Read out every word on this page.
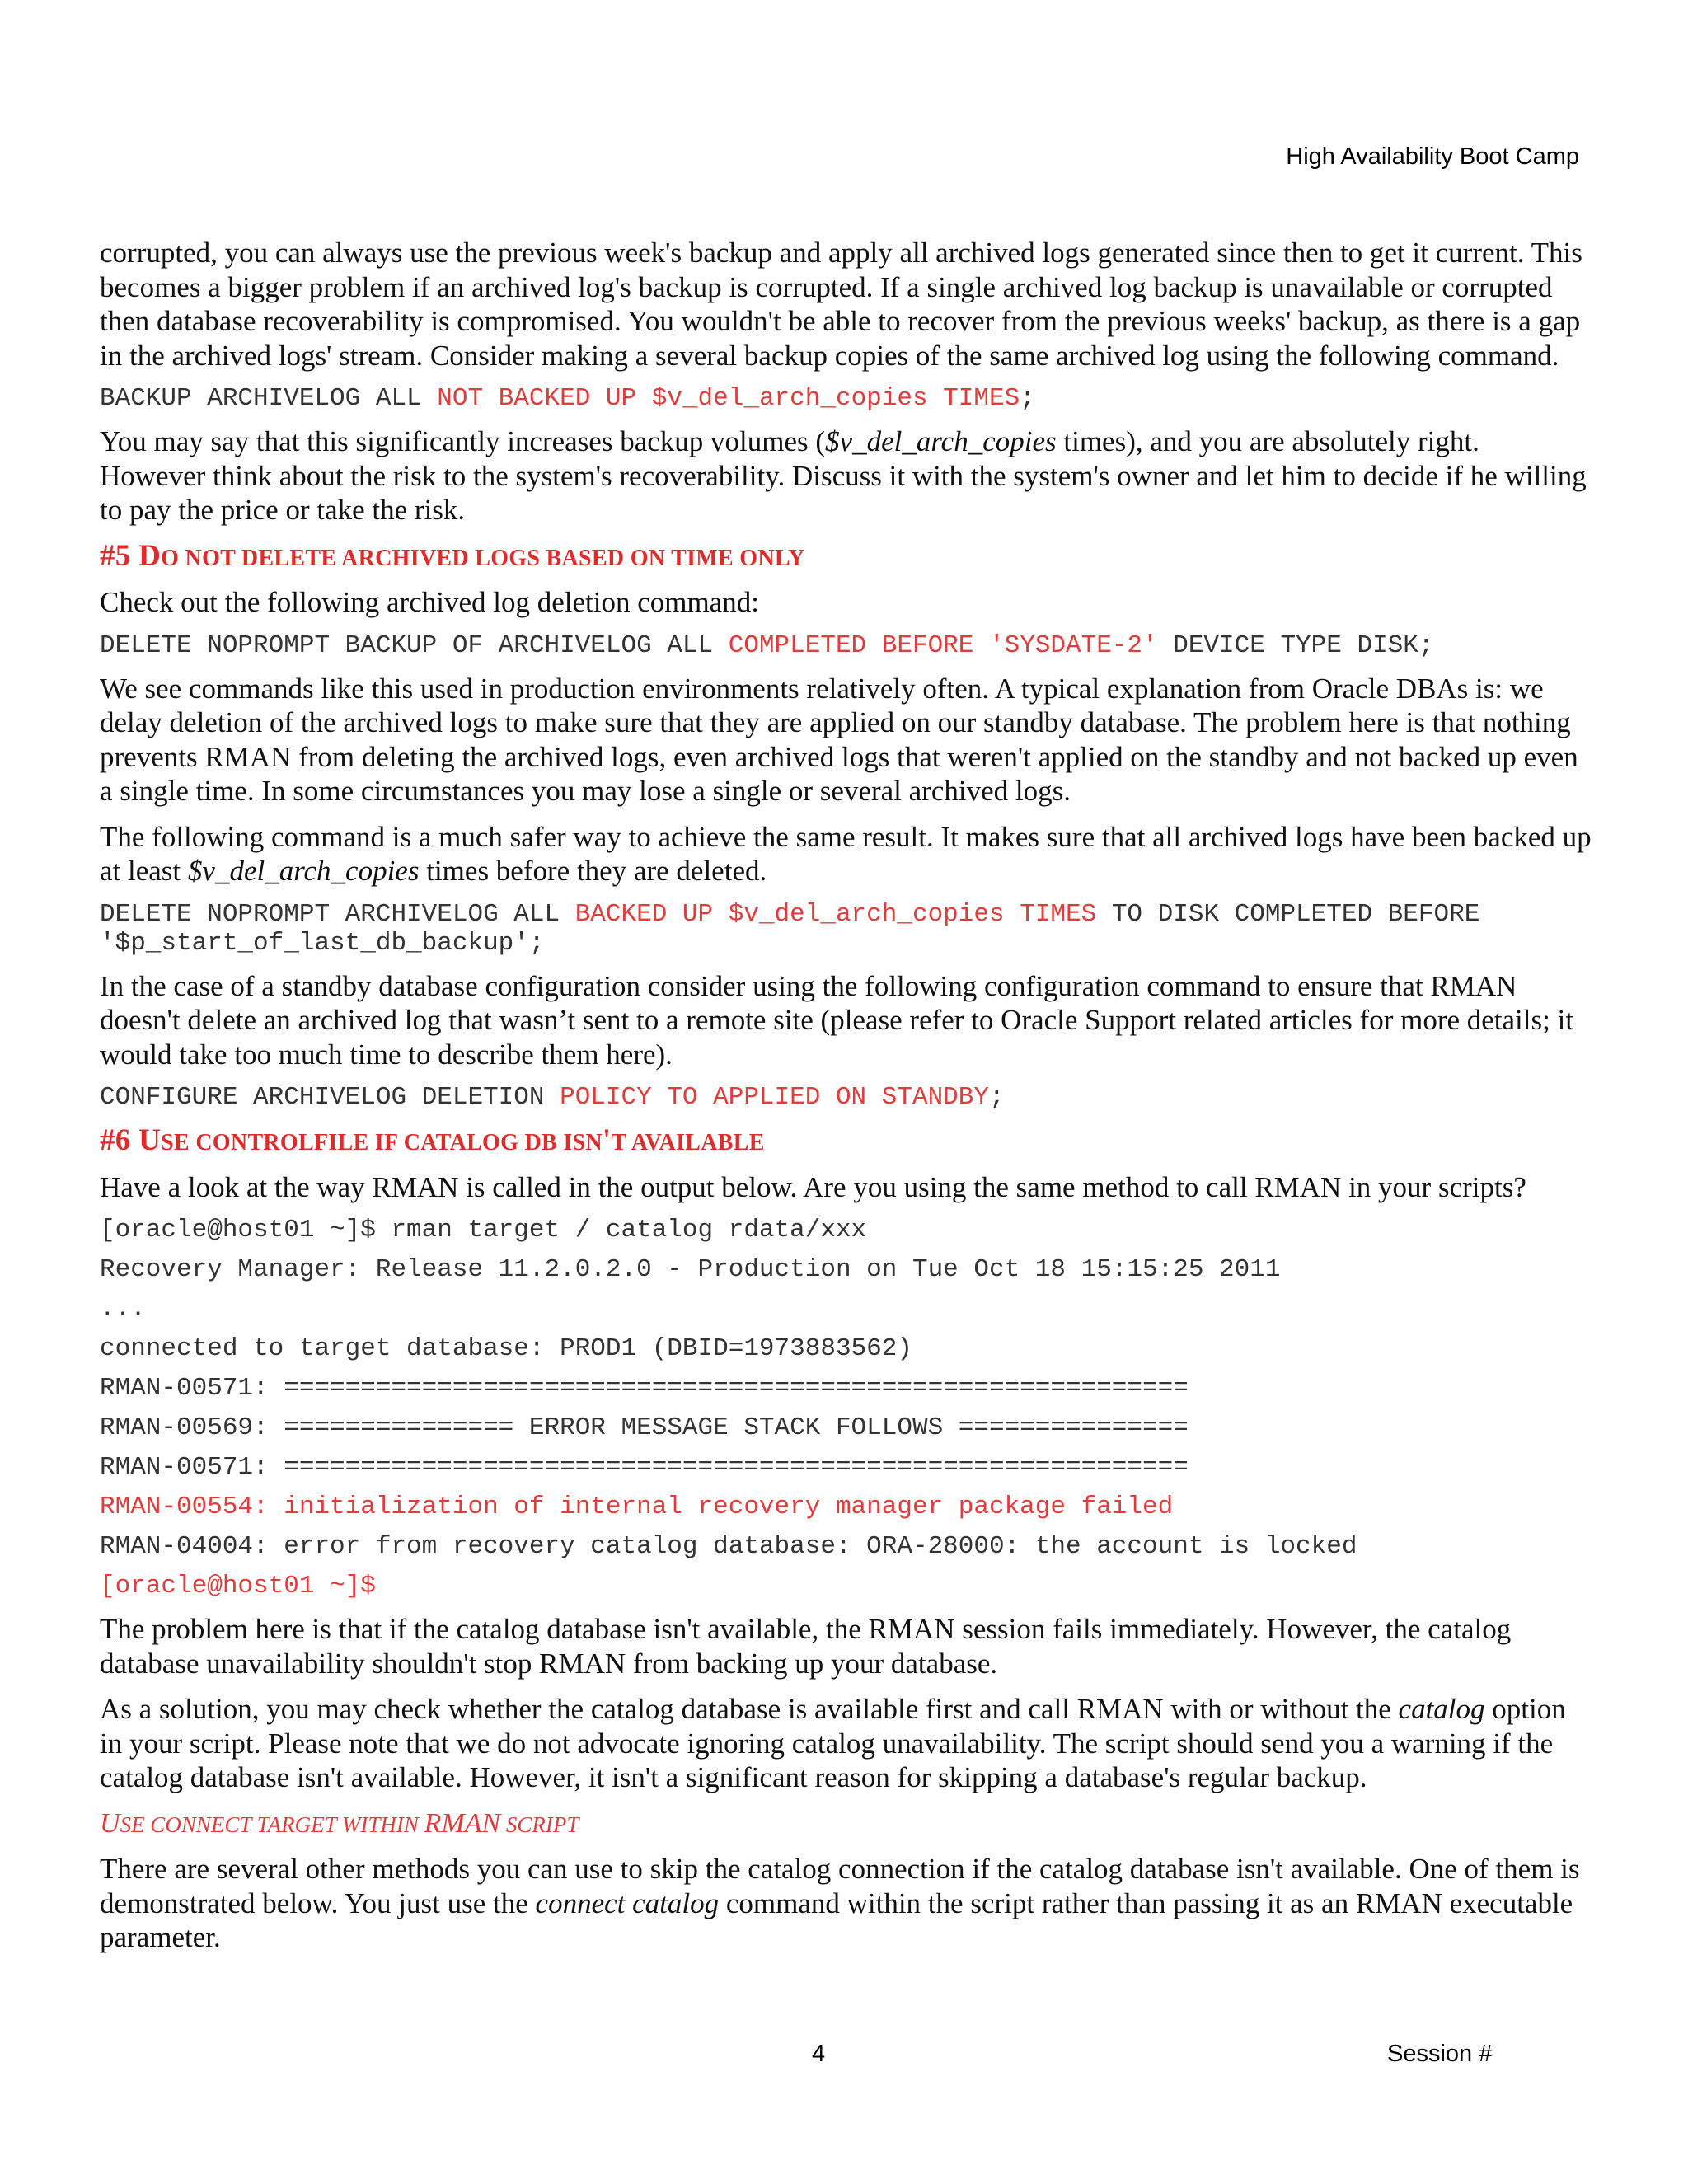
High Availability Boot Camp

corrupted, you can always use the previous week's backup and apply all archived logs generated since then to get it current. This becomes a bigger problem if an archived log's backup is corrupted. If a single archived log backup is unavailable or corrupted then database recoverability is compromised. You wouldn't be able to recover from the previous weeks' backup, as there is a gap in the archived logs' stream. Consider making a several backup copies of the same archived log using the following command.

BACKUP ARCHIVELOG ALL NOT BACKED UP $v_del_arch_copies TIMES;

You may say that this significantly increases backup volumes ($v_del_arch_copies times), and you are absolutely right. However think about the risk to the system's recoverability. Discuss it with the system's owner and let him to decide if he willing to pay the price or take the risk.

#5 DO NOT DELETE ARCHIVED LOGS BASED ON TIME ONLY

Check out the following archived log deletion command:

DELETE NOPROMPT BACKUP OF ARCHIVELOG ALL COMPLETED BEFORE 'SYSDATE-2' DEVICE TYPE DISK;

We see commands like this used in production environments relatively often. A typical explanation from Oracle DBAs is: we delay deletion of the archived logs to make sure that they are applied on our standby database. The problem here is that nothing prevents RMAN from deleting the archived logs, even archived logs that weren't applied on the standby and not backed up even a single time. In some circumstances you may lose a single or several archived logs.

The following command is a much safer way to achieve the same result. It makes sure that all archived logs have been backed up at least $v_del_arch_copies times before they are deleted.

DELETE NOPROMPT ARCHIVELOG ALL BACKED UP $v_del_arch_copies TIMES TO DISK COMPLETED BEFORE '$p_start_of_last_db_backup';

In the case of a standby database configuration consider using the following configuration command to ensure that RMAN doesn't delete an archived log that wasn’t sent to a remote site (please refer to Oracle Support related articles for more details; it would take too much time to describe them here).

CONFIGURE ARCHIVELOG DELETION POLICY TO APPLIED ON STANDBY;
#6 USE CONTROLFILE IF CATALOG DB ISN'T AVAILABLE

Have a look at the way RMAN is called in the output below. Are you using the same method to call RMAN in your scripts?

[oracle@host01 ~]$ rman target / catalog rdata/xxx
Recovery Manager: Release 11.2.0.2.0 - Production on Tue Oct 18 15:15:25 2011
...
connected to target database: PROD1 (DBID=1973883562)
RMAN-00571: ===========================================================
RMAN-00569: =============== ERROR MESSAGE STACK FOLLOWS ===============
RMAN-00571: ===========================================================
RMAN-00554: initialization of internal recovery manager package failed
RMAN-04004: error from recovery catalog database: ORA-28000: the account is locked
[oracle@host01 ~]$

The problem here is that if the catalog database isn't available, the RMAN session fails immediately. However, the catalog database unavailability shouldn't stop RMAN from backing up your database.

As a solution, you may check whether the catalog database is available first and call RMAN with or without the catalog option in your script. Please note that we do not advocate ignoring catalog unavailability. The script should send you a warning if the catalog database isn't available. However, it isn't a significant reason for skipping a database's regular backup.

USE CONNECT TARGET WITHIN RMAN SCRIPT

There are several other methods you can use to skip the catalog connection if the catalog database isn't available. One of them is demonstrated below. You just use the connect catalog command within the script rather than passing it as an RMAN executable parameter.

4	Session #
